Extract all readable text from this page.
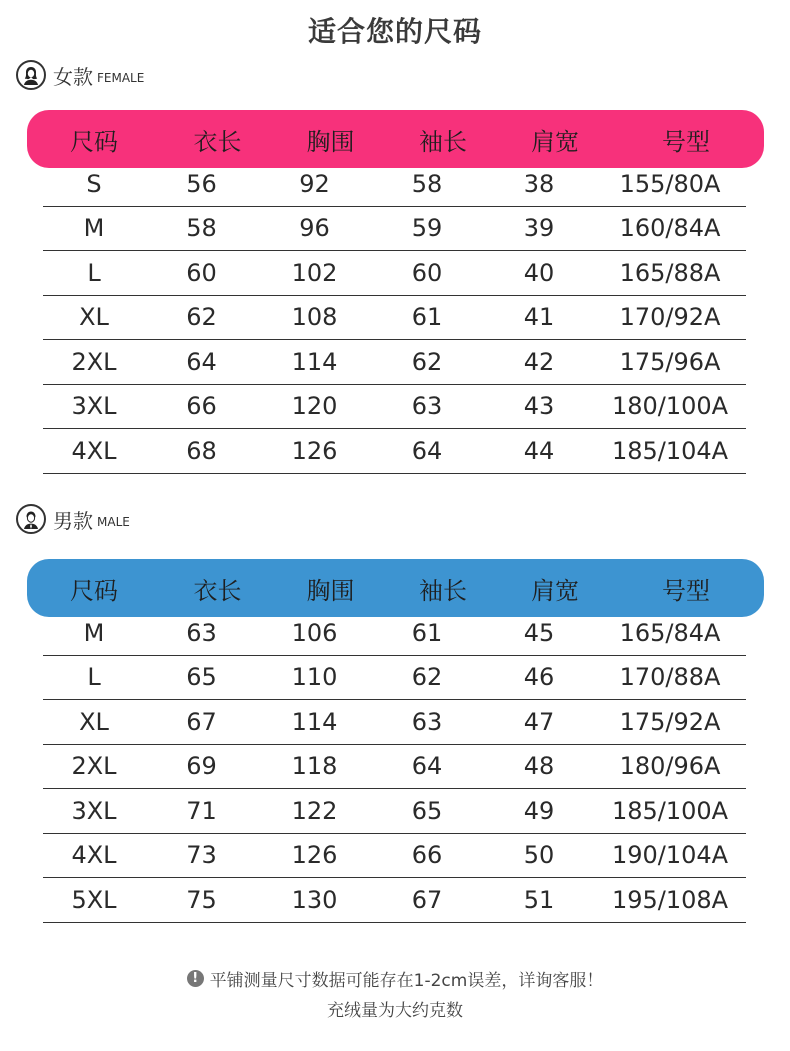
适合您的尺码
女款 FEMALE
尺码	衣长	胸围	袖长	肩宽	号型
S	56	92	58	38	155/80A
M	58	96	59	39	160/84A
L	60	102	60	40	165/88A
XL	62	108	61	41	170/92A
2XL	64	114	62	42	175/96A
3XL	66	120	63	43	180/100A
4XL	68	126	64	44	185/104A
男款 MALE
尺码	衣长	胸围	袖长	肩宽	号型
M	63	106	61	45	165/84A
L	65	110	62	46	170/88A
XL	67	114	63	47	175/92A
2XL	69	118	64	48	180/96A
3XL	71	122	65	49	185/100A
4XL	73	126	66	50	190/104A
5XL	75	130	67	51	195/108A
! 平铺测量尺寸数据可能存在1-2cm误差，详询客服！
充绒量为大约克数
